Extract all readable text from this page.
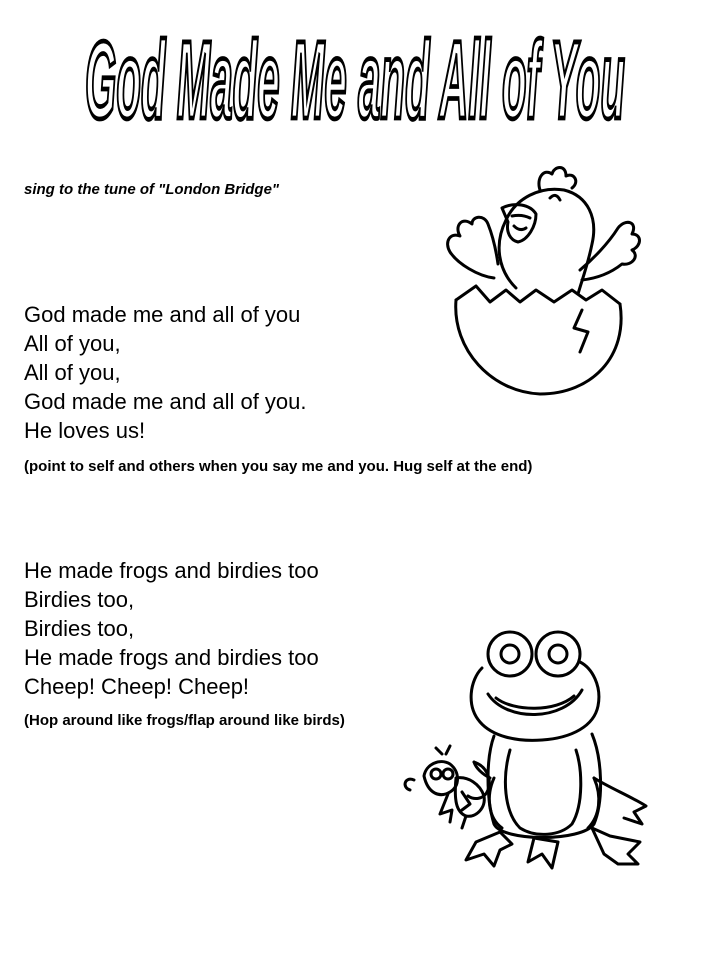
God Made Me and All of You
sing to the tune of "London Bridge"
God made me and all of you
All of you,
All of you,
God made me and all of you.
He loves us!
(point to self and others when you say me and you. Hug self at the end)
He made frogs and birdies too
Birdies too,
Birdies too,
He made frogs and birdies too
Cheep! Cheep! Cheep!
(Hop around like frogs/flap around like birds)
